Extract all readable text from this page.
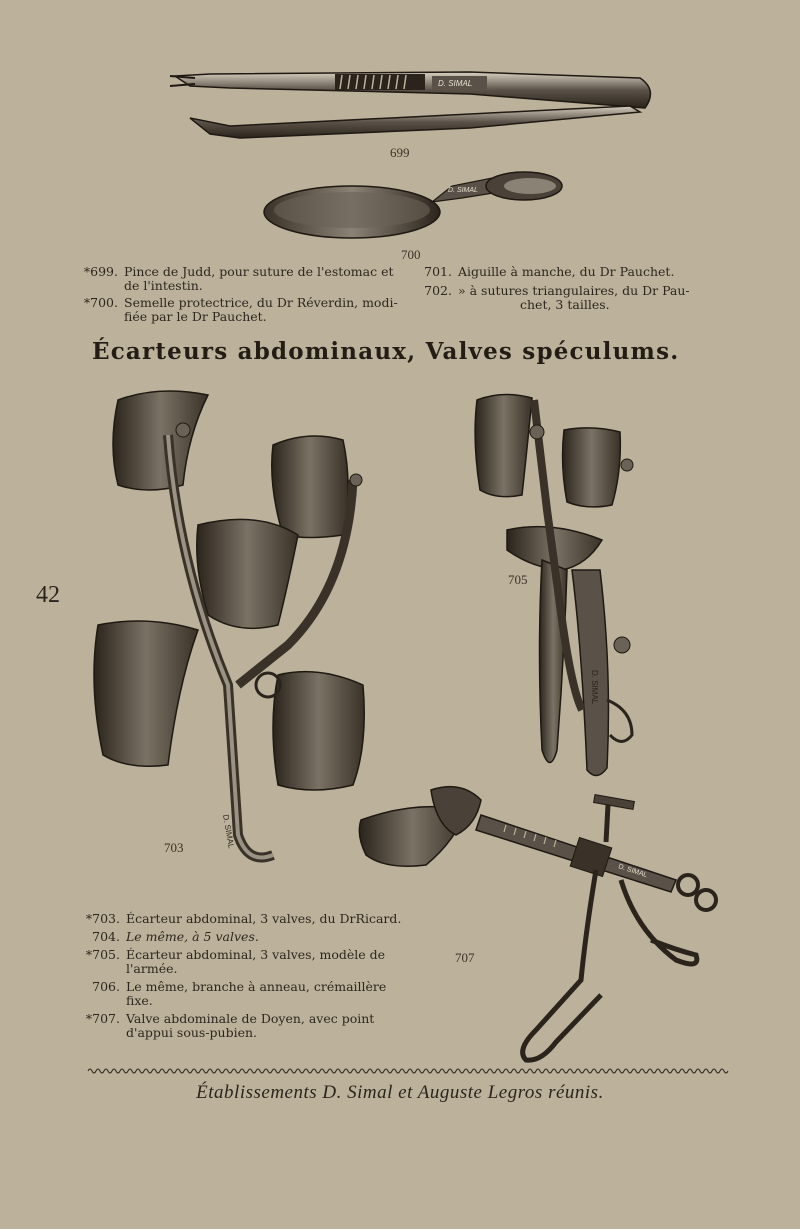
D. SIMAL
699
D. SIMAL
700
*699. Pince de Judd, pour suture de l'estomac et
de l'intestin.
*700. Semelle protectrice, du Dr Réverdin, modi-
fiée par le Dr Pauchet.
701. Aiguille à manche, du Dr Pauchet.
702. » à sutures triangulaires, du Dr Pau-
chet, 3 tailles.
Écarteurs abdominaux, Valves spéculums.
42
D. SIMAL
703
D. SIMAL
705
D. SIMAL
707
*703. Écarteur abdominal, 3 valves, du DrRicard.
704. Le même, à 5 valves.
*705. Écarteur abdominal, 3 valves, modèle de
l'armée.
706. Le même, branche à anneau, crémaillère
fixe.
*707. Valve abdominale de Doyen, avec point
d'appui sous-pubien.
Établissements D. Simal et Auguste Legros réunis.
